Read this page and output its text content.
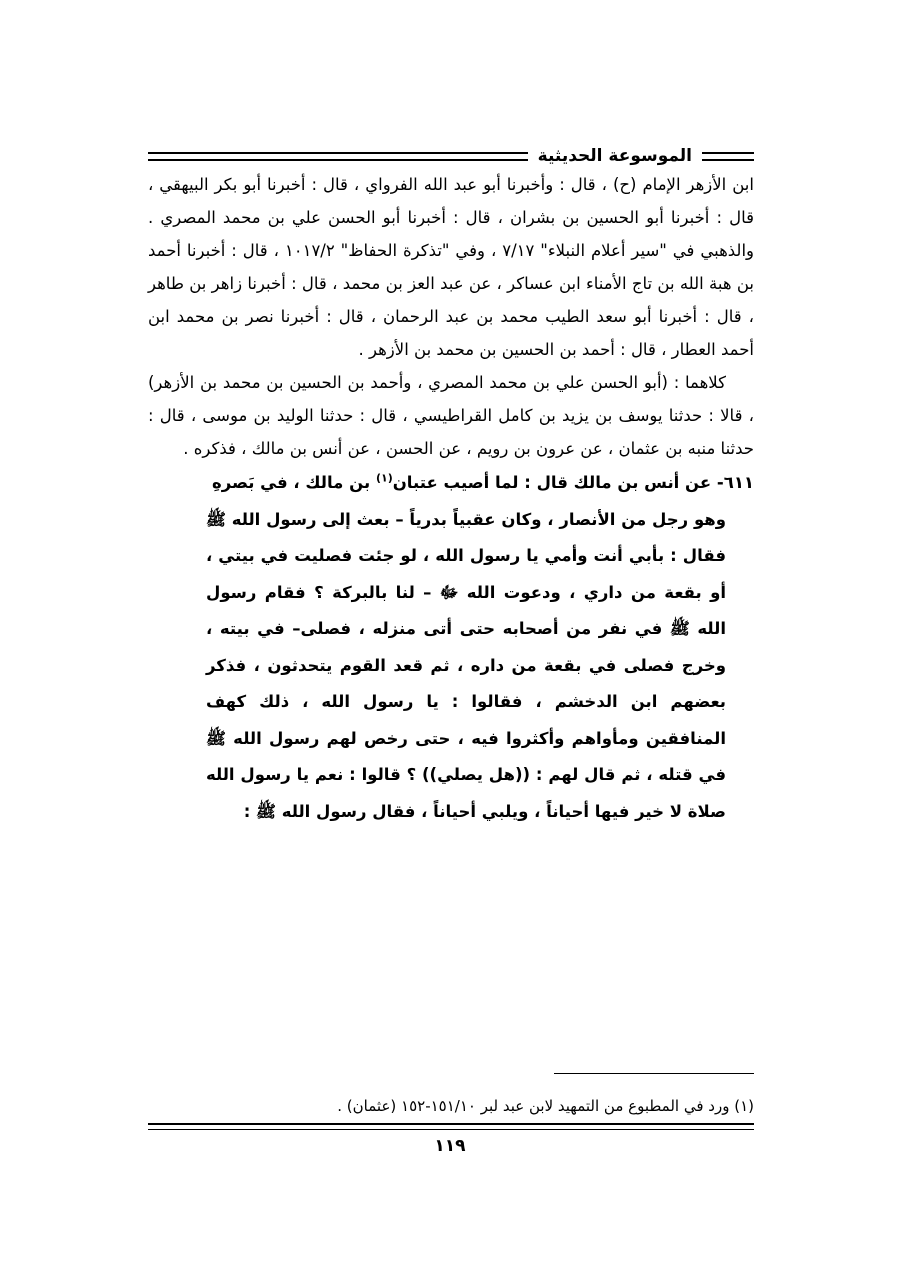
الموسوعة الحديثية

ابن الأزهر الإمام (ح) ، قال : وأخبرنا أبو عبد الله الفرواي ، قال : أخبرنا أبو بكر البيهقي ، قال : أخبرنا أبو الحسين بن بشران ، قال : أخبرنا أبو الحسن علي بن محمد المصري . والذهبي في "سير أعلام النبلاء" ٧/١٧ ، وفي "تذكرة الحفاظ" ١٠١٧/٢ ، قال : أخبرنا أحمد بن هبة الله بن تاج الأمناء ابن عساكر ، عن عبد العز بن محمد ، قال : أخبرنا زاهر بن طاهر ، قال : أخبرنا أبو سعد الطيب محمد بن عبد الرحمان ، قال : أخبرنا نصر بن محمد ابن أحمد العطار ، قال : أحمد بن الحسين بن محمد بن الأزهر .

كلاهما : (أبو الحسن علي بن محمد المصري ، وأحمد بن الحسين بن محمد بن الأزهر) ، قالا : حدثنا يوسف بن يزيد بن كامل القراطيسي ، قال : حدثنا الوليد بن موسى ، قال : حدثنا منبه بن عثمان ، عن عرون بن رويم ، عن الحسن ، عن أنس بن مالك ، فذكره .

٦١١- عن أنس بن مالك قال : لما أصيب عتبان$^{(١)}$ بن مالك ، في بَصرهِ
وهو رجل من الأنصار ، وكان عقبياً بدرياً – بعث إلى رسول الله ﷺ فقال : بأبي أنت وأمي يا رسول الله ، لو جئت فصليت في بيتي ، أو بقعة من داري ، ودعوت الله ﷻ – لنا بالبركة ؟ فقام رسول الله ﷺ في نفر من أصحابه حتى أتى منزله ، فصلى– في بيته ، وخرج فصلى في بقعة من داره ، ثم قعد القوم يتحدثون ، فذكر بعضهم ابن الدخشم ، فقالوا : يا رسول الله ، ذلك كهف المنافقين ومأواهم وأكثروا فيه ، حتى رخص لهم رسول الله ﷺ في قتله ، ثم قال لهم : ((هل يصلي)) ؟ قالوا : نعم يا رسول الله صلاة لا خير فيها أحياناً ، ويلبي أحياناً ، فقال رسول الله ﷺ :
(١) ورد في المطبوع من التمهيد لابن عبد لبر ١٥١/١٠-١٥٢ (عثمان) .
١١٩
